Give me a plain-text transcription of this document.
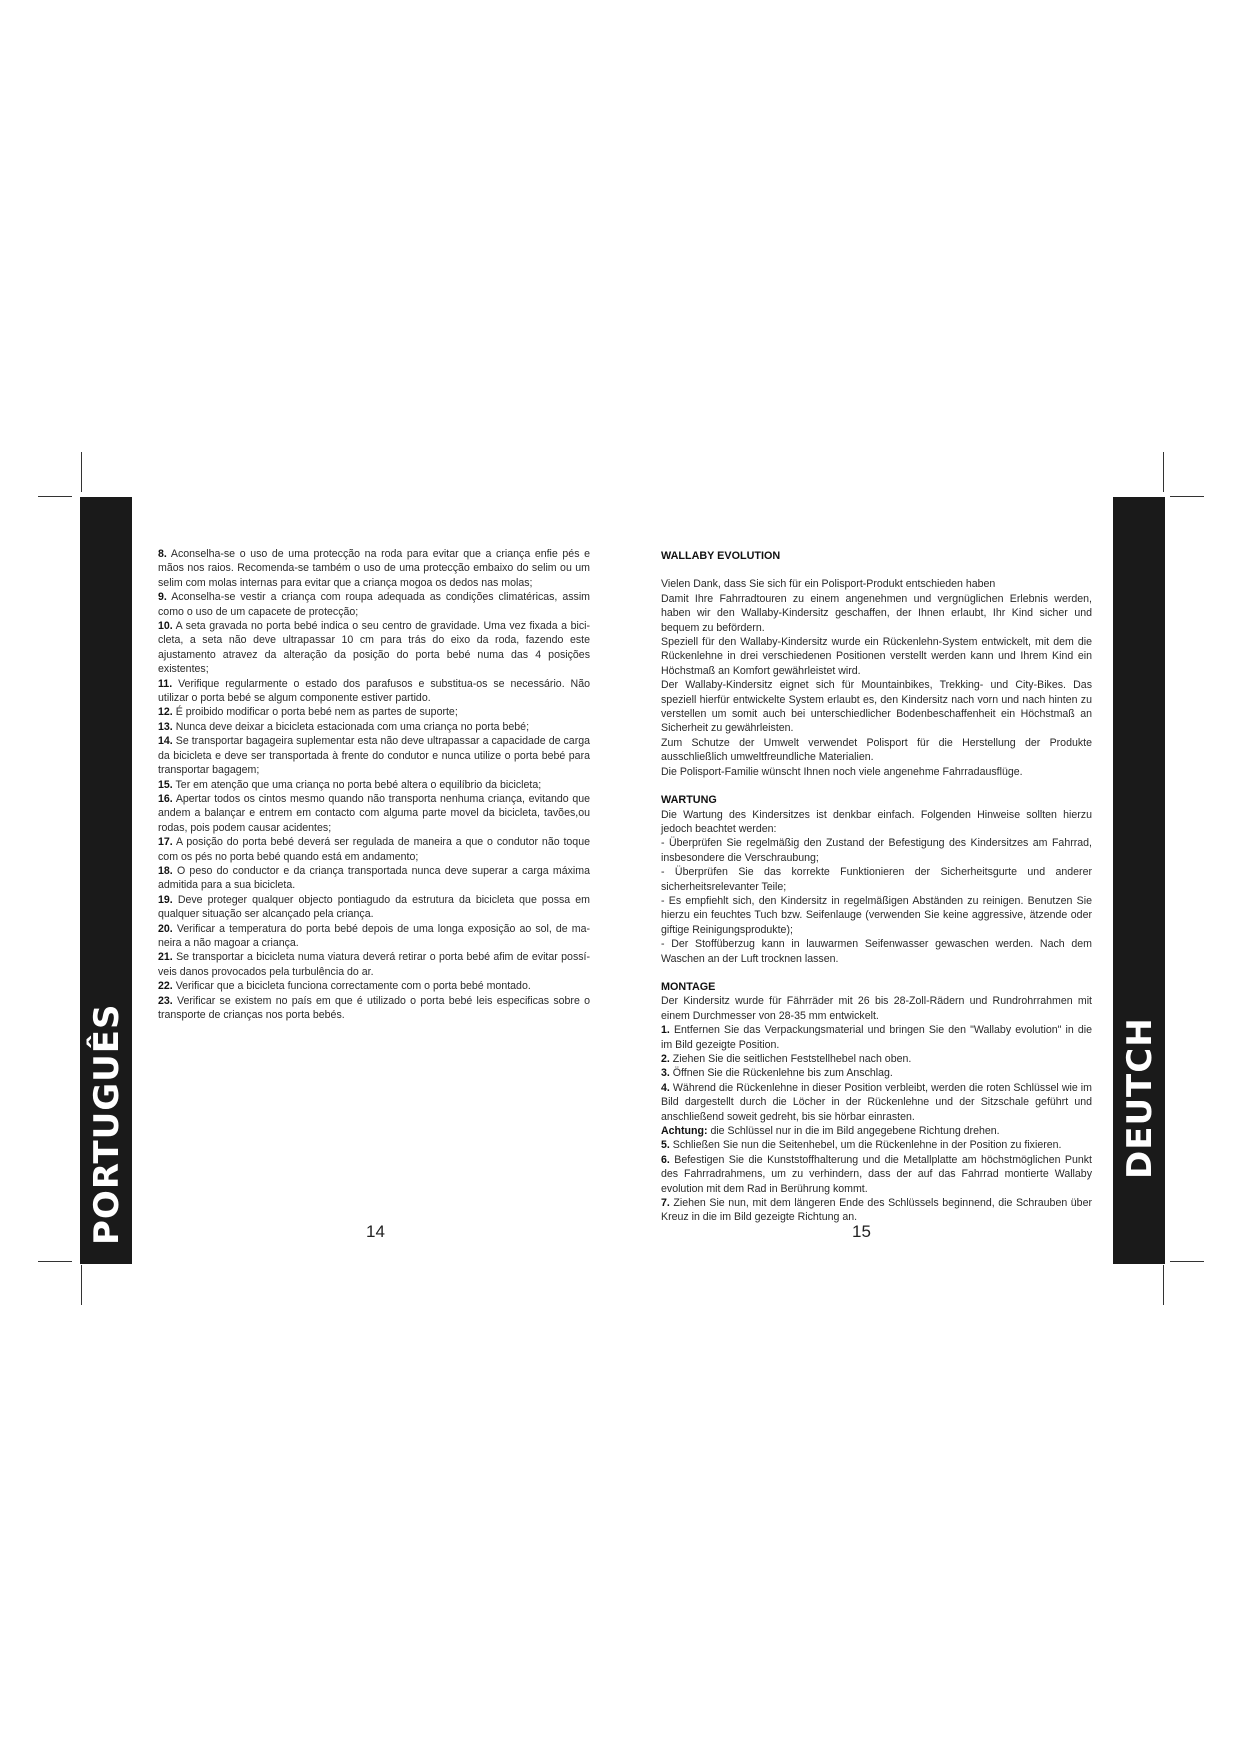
PORTUGUÊS
www.polisport.com
DEUTCH
www.polisport.com

8. Aconselha-se o uso de uma protecção na roda para evitar que a criança enfie pés e mãos nos raios. Recomenda-se também o uso de uma protecção embaixo do selim ou um selim com molas internas para evitar que a criança mogoa os dedos nas molas;

9. Aconselha-se vestir a criança com roupa adequada as condições climatéricas, assim como o uso de um capacete de protecção;

10. A seta gravada no porta bebé indica o seu centro de gravidade. Uma vez fixada a bici-cleta, a seta não deve ultrapassar 10 cm para trás do eixo da roda, fazendo este ajustamento atravez da alteração da posição do porta bebé numa das 4 posições existentes;

11. Verifique regularmente o estado dos parafusos e substitua-os se necessário. Não utilizar o porta bebé se algum componente estiver partido.

12. É proibido modificar o porta bebé nem as partes de suporte;

13. Nunca deve deixar a bicicleta estacionada com uma criança no porta bebé;

14. Se transportar bagageira suplementar esta não deve ultrapassar a capacidade de carga da bicicleta e deve ser transportada à frente do condutor e nunca utilize o porta bebé para transportar bagagem;

15. Ter em atenção que uma criança no porta bebé altera o equilíbrio da bicicleta;

16. Apertar todos os cintos mesmo quando não transporta nenhuma criança, evitando que andem a balançar e entrem em contacto com alguma parte movel da bicicleta, tavões,ou rodas, pois podem causar acidentes;

17. A posição do porta bebé deverá ser regulada de maneira a que o condutor não toque com os pés no porta bebé quando está em andamento;

18. O peso do conductor e da criança transportada nunca deve superar a carga máxima admitida para a sua bicicleta.

19. Deve proteger qualquer objecto pontiagudo da estrutura da bicicleta que possa em qualquer situação ser alcançado pela criança.

20. Verificar a temperatura do porta bebé depois de uma longa exposição ao sol, de ma-neira a não magoar a criança.

21. Se transportar a bicicleta numa viatura deverá retirar o porta bebé afim de evitar possí-veis danos provocados pela turbulência do ar.

22. Verificar que a bicicleta funciona correctamente com o porta bebé montado.

23. Verificar se existem no país em que é utilizado o porta bebé leis especificas sobre o transporte de crianças nos porta bebés.

WALLABY EVOLUTION

Vielen Dank, dass Sie sich für ein Polisport-Produkt entschieden haben

Damit Ihre Fahrradtouren zu einem angenehmen und vergnüglichen Erlebnis werden, haben wir den Wallaby-Kindersitz geschaffen, der Ihnen erlaubt, Ihr Kind sicher und bequem zu befördern.

Speziell für den Wallaby-Kindersitz wurde ein Rückenlehn-System entwickelt, mit dem die Rückenlehne in drei verschiedenen Positionen verstellt werden kann und Ihrem Kind ein Höchstmaß an Komfort gewährleistet wird.

Der Wallaby-Kindersitz eignet sich für Mountainbikes, Trekking- und City-Bikes. Das speziell hierfür entwickelte System erlaubt es, den Kindersitz nach vorn und nach hinten zu verstellen um somit auch bei unterschiedlicher Bodenbeschaffenheit ein Höchstmaß an Sicherheit zu gewährleisten.

Zum Schutze der Umwelt verwendet Polisport für die Herstellung der Produkte ausschließlich umweltfreundliche Materialien.

Die Polisport-Familie wünscht Ihnen noch viele angenehme Fahrradausflüge.

WARTUNG

Die Wartung des Kindersitzes ist denkbar einfach. Folgenden Hinweise sollten hierzu jedoch beachtet werden:

- Überprüfen Sie regelmäßig den Zustand der Befestigung des Kindersitzes am Fahrrad, insbesondere die Verschraubung;

- Überprüfen Sie das korrekte Funktionieren der Sicherheitsgurte und anderer sicherheitsrelevanter Teile;

- Es empfiehlt sich, den Kindersitz in regelmäßigen Abständen zu reinigen. Benutzen Sie hierzu ein feuchtes Tuch bzw. Seifenlauge (verwenden Sie keine aggressive, ätzende oder giftige Reinigungsprodukte);

- Der Stoffüberzug kann in lauwarmen Seifenwasser gewaschen werden. Nach dem Waschen an der Luft trocknen lassen.

MONTAGE

Der Kindersitz wurde für Fährräder mit 26 bis 28-Zoll-Rädern und Rundrohrrahmen mit einem Durchmesser von 28-35 mm entwickelt.

1. Entfernen Sie das Verpackungsmaterial und bringen Sie den "Wallaby evolution" in die im Bild gezeigte Position.

2. Ziehen Sie die seitlichen Feststellhebel nach oben.

3. Öffnen Sie die Rückenlehne bis zum Anschlag.

4. Während die Rückenlehne in dieser Position verbleibt, werden die roten Schlüssel wie im Bild dargestellt durch die Löcher in der Rückenlehne und der Sitzschale geführt und anschließend soweit gedreht, bis sie hörbar einrasten.

Achtung: die Schlüssel nur in die im Bild angegebene Richtung drehen.

5. Schließen Sie nun die Seitenhebel, um die Rückenlehne in der Position zu fixieren.

6. Befestigen Sie die Kunststoffhalterung und die Metallplatte am höchstmöglichen Punkt des Fahrradrahmens, um zu verhindern, dass der auf das Fahrrad montierte Wallaby evolution mit dem Rad in Berührung kommt.

7. Ziehen Sie nun, mit dem längeren Ende des Schlüssels beginnend, die Schrauben über Kreuz in die im Bild gezeigte Richtung an.

14	15
